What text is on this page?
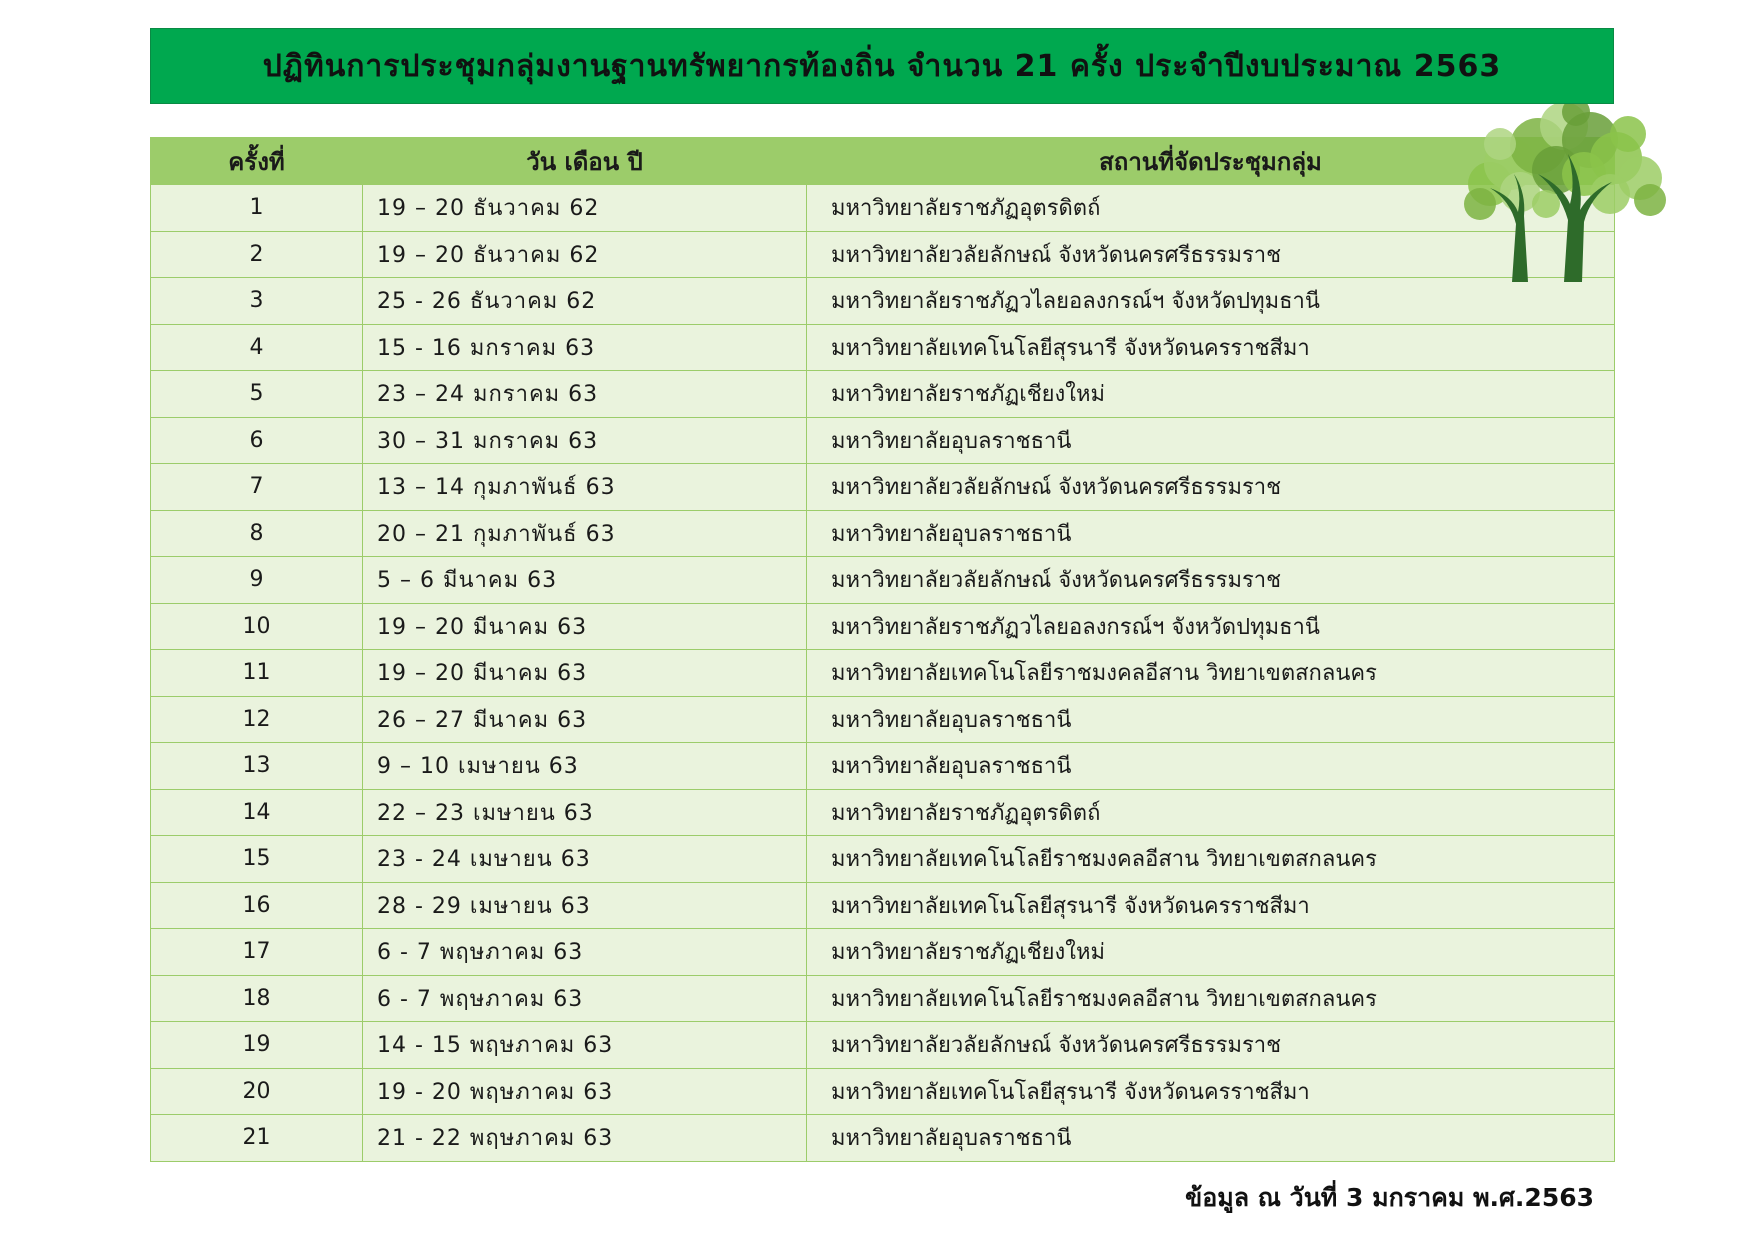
ปฏิทินการประชุมกลุ่มงานฐานทรัพยากรท้องถิ่น จำนวน 21 ครั้ง ประจำปีงบประมาณ 2563
ครั้งที่	วัน เดือน ปี	สถานที่จัดประชุมกลุ่ม
1	19 – 20 ธันวาคม 62	มหาวิทยาลัยราชภัฏอุตรดิตถ์
2	19 – 20 ธันวาคม 62	มหาวิทยาลัยวลัยลักษณ์ จังหวัดนครศรีธรรมราช
3	25 - 26 ธันวาคม 62	มหาวิทยาลัยราชภัฏวไลยอลงกรณ์ฯ จังหวัดปทุมธานี
4	15 - 16 มกราคม 63	มหาวิทยาลัยเทคโนโลยีสุรนารี จังหวัดนครราชสีมา
5	23 – 24 มกราคม 63	มหาวิทยาลัยราชภัฏเชียงใหม่
6	30 – 31 มกราคม 63	มหาวิทยาลัยอุบลราชธานี
7	13 – 14 กุมภาพันธ์ 63	มหาวิทยาลัยวลัยลักษณ์ จังหวัดนครศรีธรรมราช
8	20 – 21 กุมภาพันธ์ 63	มหาวิทยาลัยอุบลราชธานี
9	5 – 6 มีนาคม 63	มหาวิทยาลัยวลัยลักษณ์ จังหวัดนครศรีธรรมราช
10	19 – 20 มีนาคม 63	มหาวิทยาลัยราชภัฏวไลยอลงกรณ์ฯ จังหวัดปทุมธานี
11	19 – 20 มีนาคม 63	มหาวิทยาลัยเทคโนโลยีราชมงคลอีสาน วิทยาเขตสกลนคร
12	26 – 27 มีนาคม 63	มหาวิทยาลัยอุบลราชธานี
13	9 – 10 เมษายน 63	มหาวิทยาลัยอุบลราชธานี
14	22 – 23 เมษายน 63	มหาวิทยาลัยราชภัฏอุตรดิตถ์
15	23 - 24 เมษายน 63	มหาวิทยาลัยเทคโนโลยีราชมงคลอีสาน วิทยาเขตสกลนคร
16	28 - 29 เมษายน 63	มหาวิทยาลัยเทคโนโลยีสุรนารี จังหวัดนครราชสีมา
17	6 - 7 พฤษภาคม 63	มหาวิทยาลัยราชภัฏเชียงใหม่
18	6 - 7 พฤษภาคม 63	มหาวิทยาลัยเทคโนโลยีราชมงคลอีสาน วิทยาเขตสกลนคร
19	14 - 15 พฤษภาคม 63	มหาวิทยาลัยวลัยลักษณ์ จังหวัดนครศรีธรรมราช
20	19 - 20 พฤษภาคม 63	มหาวิทยาลัยเทคโนโลยีสุรนารี จังหวัดนครราชสีมา
21	21 - 22 พฤษภาคม 63	มหาวิทยาลัยอุบลราชธานี
ข้อมูล ณ วันที่ 3 มกราคม พ.ศ.2563
